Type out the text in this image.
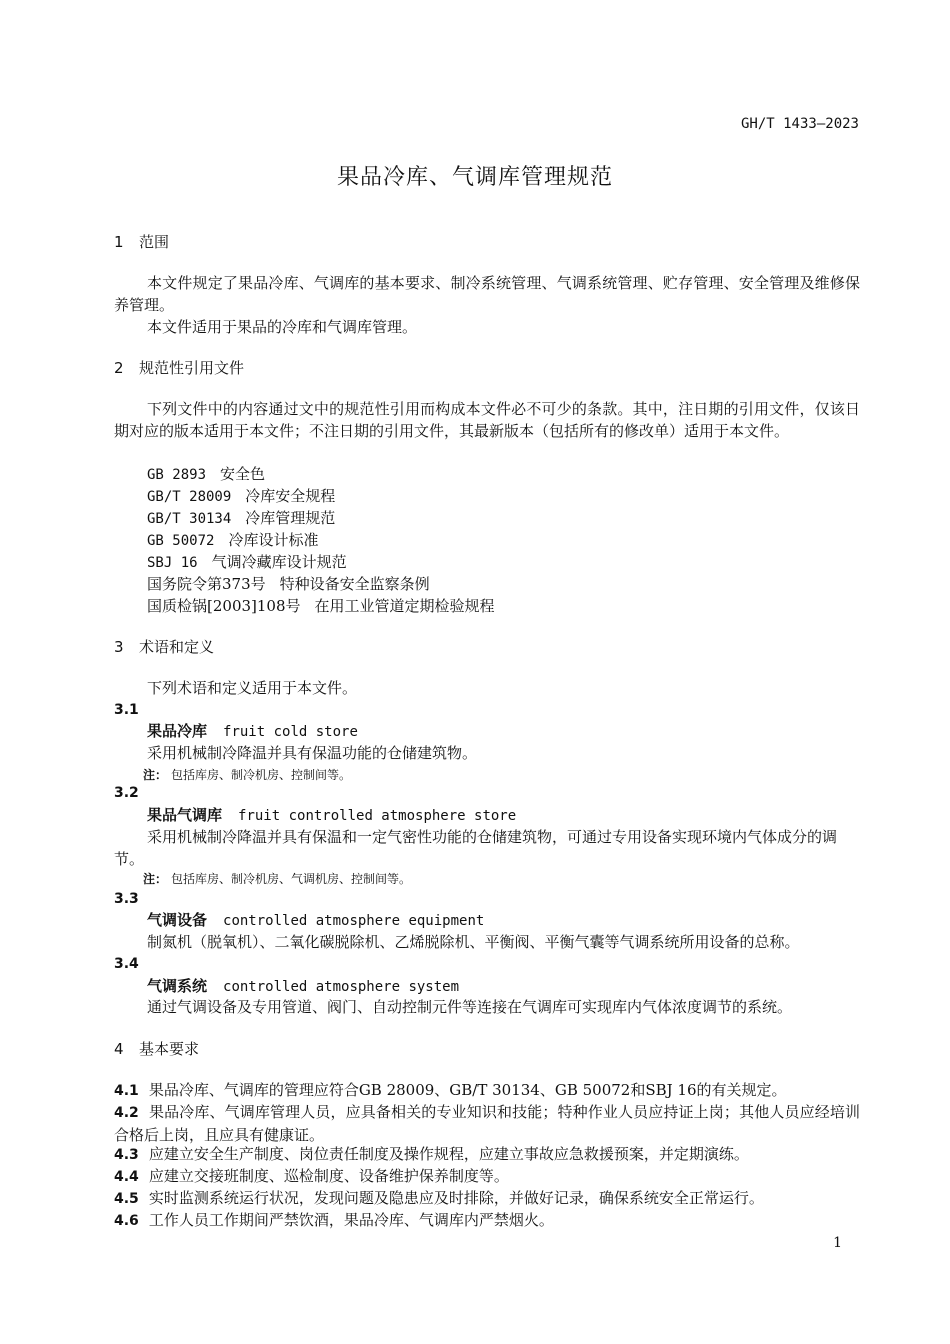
GH/T 1433—2023
果品冷库、气调库管理规范
1 范围
本文件规定了果品冷库、气调库的基本要求、制冷系统管理、气调系统管理、贮存管理、安全管理及维修保养管理。
本文件适用于果品的冷库和气调库管理。
2 规范性引用文件
下列文件中的内容通过文中的规范性引用而构成本文件必不可少的条款。其中，注日期的引用文件，仅该日期对应的版本适用于本文件；不注日期的引用文件，其最新版本（包括所有的修改单）适用于本文件。
GB 2893 安全色
GB/T 28009 冷库安全规程
GB/T 30134 冷库管理规范
GB 50072 冷库设计标准
SBJ 16 气调冷藏库设计规范
国务院令第373号 特种设备安全监察条例
国质检锅[2003]108号 在用工业管道定期检验规程
3 术语和定义
下列术语和定义适用于本文件。
3.1
果品冷库 fruit cold store
采用机械制冷降温并具有保温功能的仓储建筑物。
注： 包括库房、制冷机房、控制间等。
3.2
果品气调库 fruit controlled atmosphere store
采用机械制冷降温并具有保温和一定气密性功能的仓储建筑物，可通过专用设备实现环境内气体成分的调节。
注： 包括库房、制冷机房、气调机房、控制间等。
3.3
气调设备 controlled atmosphere equipment
制氮机（脱氧机）、二氧化碳脱除机、乙烯脱除机、平衡阀、平衡气囊等气调系统所用设备的总称。
3.4
气调系统 controlled atmosphere system
通过气调设备及专用管道、阀门、自动控制元件等连接在气调库可实现库内气体浓度调节的系统。
4 基本要求
4.1 果品冷库、气调库的管理应符合GB 28009、GB/T 30134、GB 50072和SBJ 16的有关规定。
4.2 果品冷库、气调库管理人员，应具备相关的专业知识和技能；特种作业人员应持证上岗；其他人员应经培训合格后上岗，且应具有健康证。
4.3 应建立安全生产制度、岗位责任制度及操作规程，应建立事故应急救援预案，并定期演练。
4.4 应建立交接班制度、巡检制度、设备维护保养制度等。
4.5 实时监测系统运行状况，发现问题及隐患应及时排除，并做好记录，确保系统安全正常运行。
4.6 工作人员工作期间严禁饮酒，果品冷库、气调库内严禁烟火。
1
